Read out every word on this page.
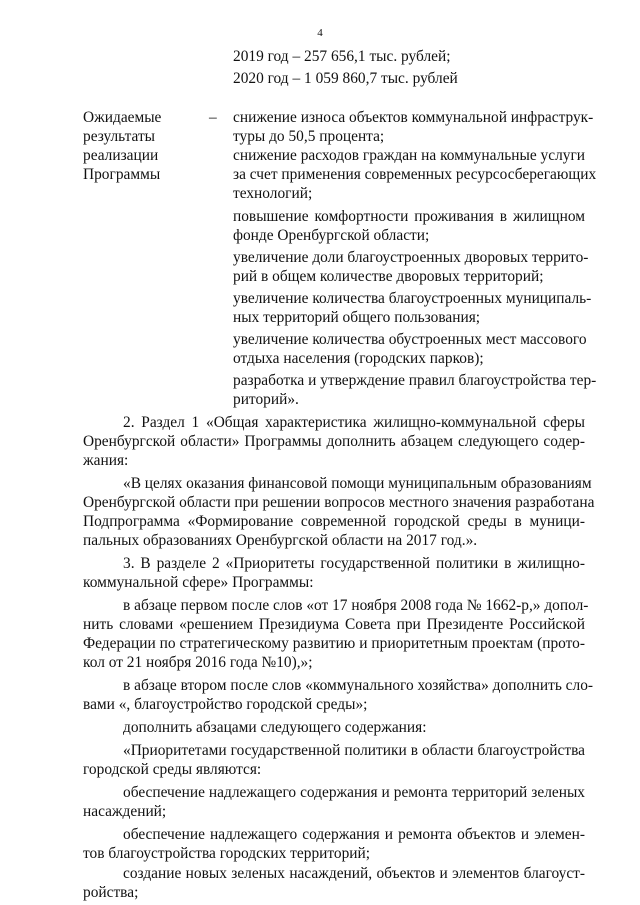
4
2019 год – 257 656,1 тыс. рублей;
2020 год – 1 059 860,7 тыс. рублей
Ожидаемые
результаты
реализации
Программы
– снижение износа объектов коммунальной инфраструк-
туры до 50,5 процента;
снижение расходов граждан на коммунальные услуги
за счет применения современных ресурсосберегающих
технологий;
повышение комфортности проживания в жилищном
фонде Оренбургской области;
увеличение доли благоустроенных дворовых террито-
рий в общем количестве дворовых территорий;
увеличение количества благоустроенных муниципаль-
ных территорий общего пользования;
увеличение количества обустроенных мест массового
отдыха населения (городских парков);
разработка и утверждение правил благоустройства тер-
риторий».
2. Раздел 1 «Общая характеристика жилищно-коммунальной сферы
Оренбургской области» Программы дополнить абзацем следующего содер-
жания:
«В целях оказания финансовой помощи муниципальным образованиям
Оренбургской области при решении вопросов местного значения разработана
Подпрограмма «Формирование современной городской среды в муници-
пальных образованиях Оренбургской области на 2017 год.».
3. В разделе 2 «Приоритеты государственной политики в жилищно-
коммунальной сфере» Программы:
в абзаце первом после слов «от 17 ноября 2008 года № 1662-р,» допол-
нить словами «решением Президиума Совета при Президенте Российской
Федерации по стратегическому развитию и приоритетным проектам (прото-
кол от 21 ноября 2016 года №10),»;
в абзаце втором после слов «коммунального хозяйства» дополнить сло-
вами «, благоустройство городской среды»;
дополнить абзацами следующего содержания:
«Приоритетами государственной политики в области благоустройства
городской среды являются:
обеспечение надлежащего содержания и ремонта территорий зеленых
насаждений;
обеспечение надлежащего содержания и ремонта объектов и элемен-
тов благоустройства городских территорий;
создание новых зеленых насаждений, объектов и элементов благоуст-
ройства;
